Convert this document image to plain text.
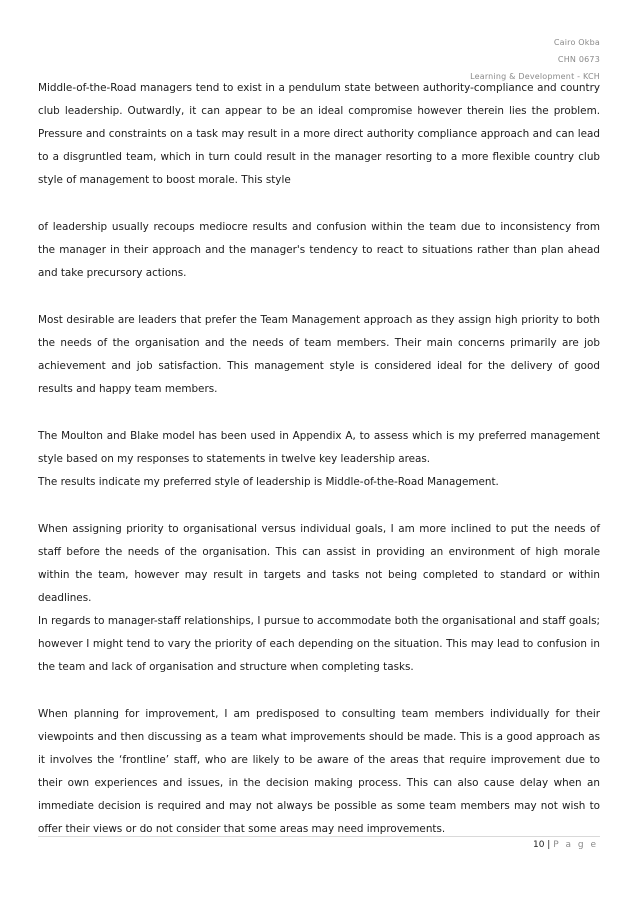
Cairo Okba
CHN 0673
Learning & Development - KCH

Middle-of-the-Road managers tend to exist in a pendulum state between authority-compliance and country club leadership. Outwardly, it can appear to be an ideal compromise however therein lies the problem. Pressure and constraints on a task may result in a more direct authority compliance approach and can lead to a disgruntled team, which in turn could result in the manager resorting to a more flexible country club style of management to boost morale. This style

of leadership usually recoups mediocre results and confusion within the team due to inconsistency from the manager in their approach and the manager's tendency to react to situations rather than plan ahead and take precursory actions.

Most desirable are leaders that prefer the Team Management approach as they assign high priority to both the needs of the organisation and the needs of team members. Their main concerns primarily are job achievement and job satisfaction. This management style is considered ideal for the delivery of good results and happy team members.

The Moulton and Blake model has been used in Appendix A, to assess which is my preferred management style based on my responses to statements in twelve key leadership areas.

The results indicate my preferred style of leadership is Middle-of-the-Road Management.

When assigning priority to organisational versus individual goals, I am more inclined to put the needs of staff before the needs of the organisation. This can assist in providing an environment of high morale within the team, however may result in targets and tasks not being completed to standard or within deadlines.

In regards to manager-staff relationships, I pursue to accommodate both the organisational and staff goals; however I might tend to vary the priority of each depending on the situation. This may lead to confusion in the team and lack of organisation and structure when completing tasks.

When planning for improvement, I am predisposed to consulting team members individually for their viewpoints and then discussing as a team what improvements should be made. This is a good approach as it involves the ‘frontline’ staff, who are likely to be aware of the areas that require improvement due to their own experiences and issues, in the decision making process. This can also cause delay when an immediate decision is required and may not always be possible as some team members may not wish to offer their views or do not consider that some areas may need improvements.

10 | P a g e
